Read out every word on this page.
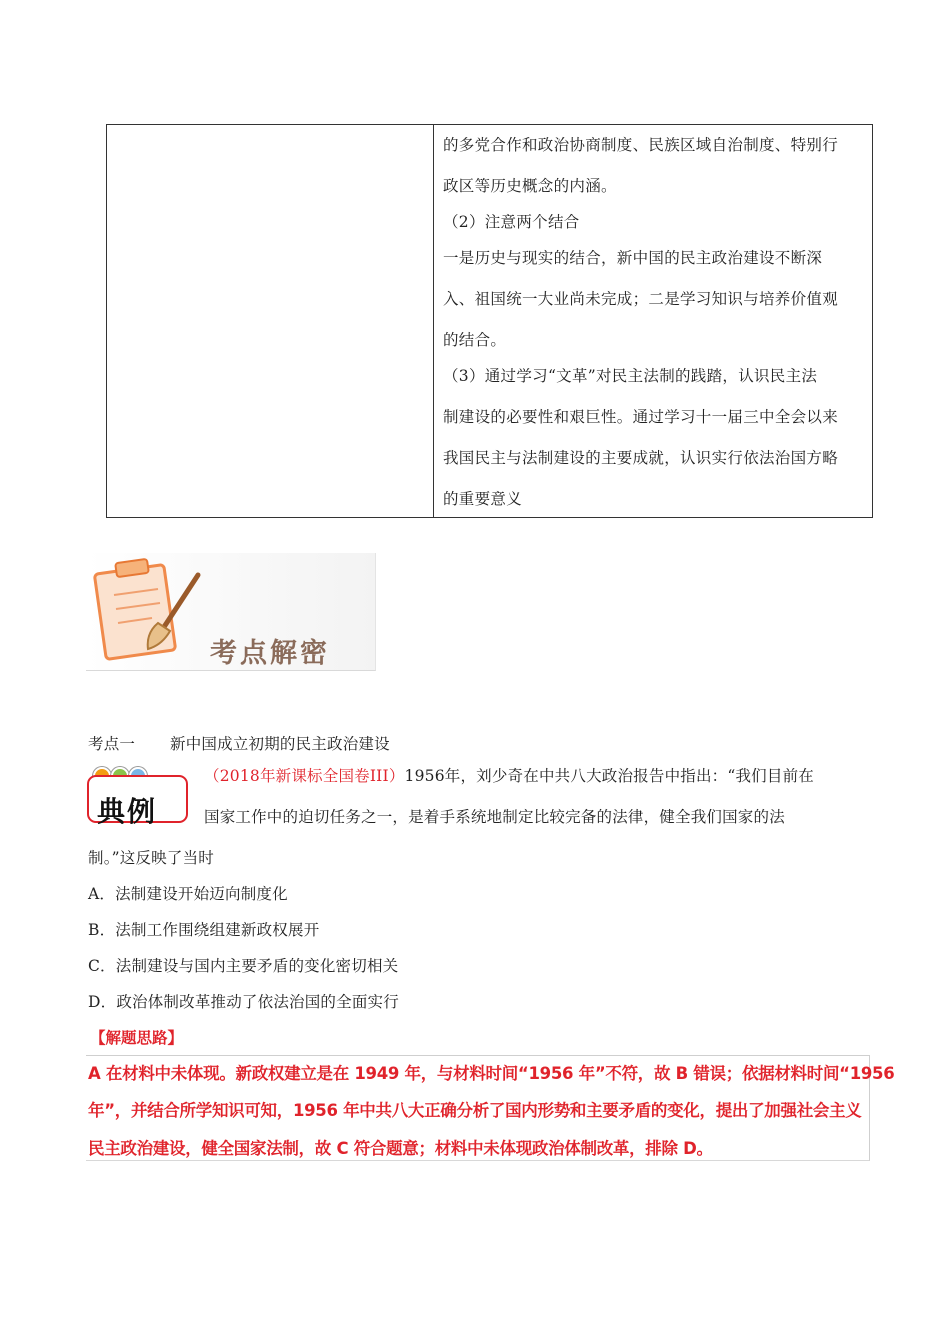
的多党合作和政治协商制度、民族区域自治制度、特别行
政区等历史概念的内涵。
（2）注意两个结合
一是历史与现实的结合，新中国的民主政治建设不断深
入、祖国统一大业尚未完成；二是学习知识与培养价值观
的结合。
（3）通过学习“文革”对民主法制的践踏，认识民主法
制建设的必要性和艰巨性。通过学习十一届三中全会以来
我国民主与法制建设的主要成就，认识实行依法治国方略
的重要意义
考点解密
考点一 新中国成立初期的民主政治建设
典例
（2018年新课标全国卷III）1956年，刘少奇在中共八大政治报告中指出：“我们目前在
国家工作中的迫切任务之一，是着手系统地制定比较完备的法律，健全我们国家的法
制。”这反映了当时
A．法制建设开始迈向制度化
B．法制工作围绕组建新政权展开
C．法制建设与国内主要矛盾的变化密切相关
D．政治体制改革推动了依法治国的全面实行
【解题思路】
A 在材料中未体现。新政权建立是在 1949 年，与材料时间“1956 年”不符，故 B 错误；依据材料时间“1956
年”，并结合所学知识可知，1956 年中共八大正确分析了国内形势和主要矛盾的变化，提出了加强社会主义
民主政治建设，健全国家法制，故 C 符合题意；材料中未体现政治体制改革，排除 D。
